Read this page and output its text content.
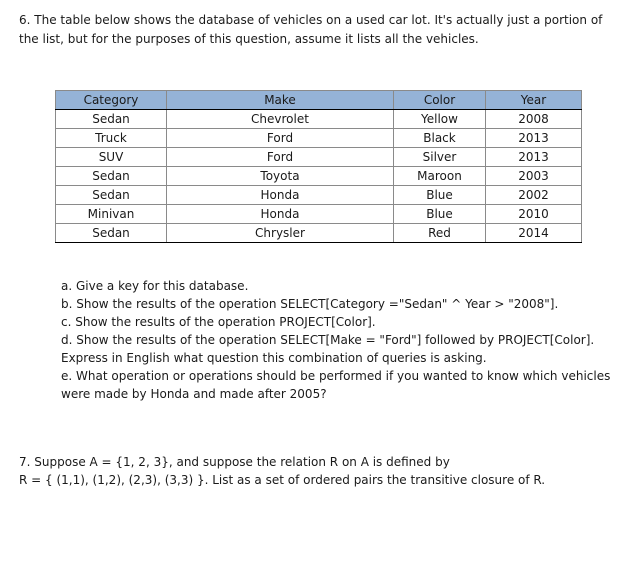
6. The table below shows the database of vehicles on a used car lot. It's actually just a portion of the list, but for the purposes of this question, assume it lists all the vehicles.
Category	Make	Color	Year
Sedan	Chevrolet	Yellow	2008
Truck	Ford	Black	2013
SUV	Ford	Silver	2013
Sedan	Toyota	Maroon	2003
Sedan	Honda	Blue	2002
Minivan	Honda	Blue	2010
Sedan	Chrysler	Red	2014

a. Give a key for this database.

b. Show the results of the operation SELECT[Category ="Sedan" ^ Year > "2008"].

c. Show the results of the operation PROJECT[Color].

d. Show the results of the operation SELECT[Make = "Ford"] followed by PROJECT[Color]. Express in English what question this combination of queries is asking.

e. What operation or operations should be performed if you wanted to know which vehicles were made by Honda and made after 2005?

7. Suppose A = {1, 2, 3}, and suppose the relation R on A is defined by

R = { (1,1), (1,2), (2,3), (3,3) }. List as a set of ordered pairs the transitive closure of R.
